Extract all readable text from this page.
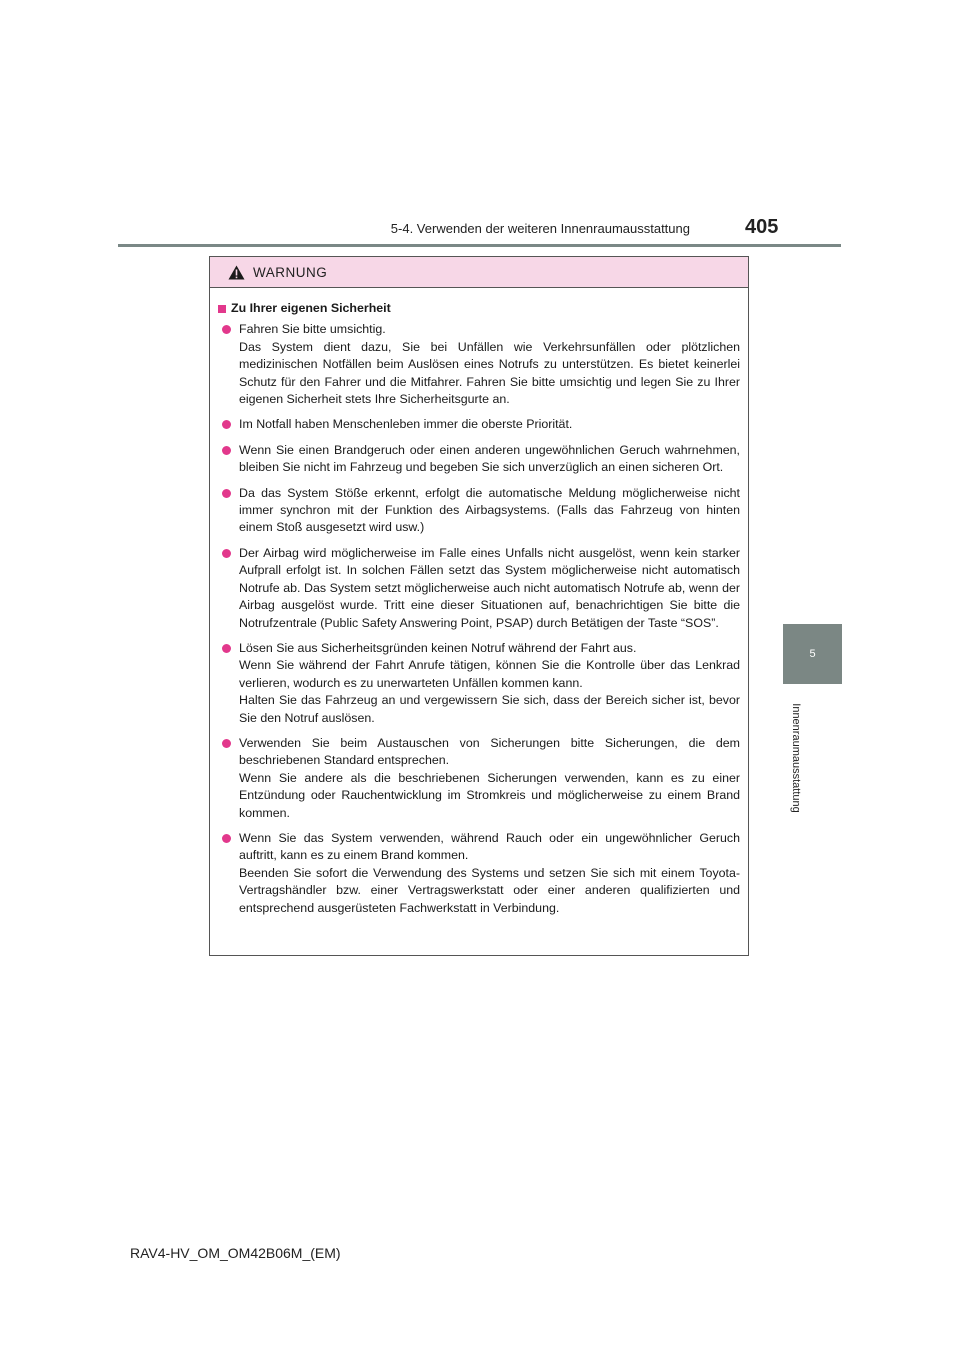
5-4. Verwenden der weiteren Innenraumausstattung	405
5
Innenraumausstattung
WARNUNG
Zu Ihrer eigenen Sicherheit
Fahren Sie bitte umsichtig.
Das System dient dazu, Sie bei Unfällen wie Verkehrsunfällen oder plötzlichen medizinischen Notfällen beim Auslösen eines Notrufs zu unterstützen. Es bietet keinerlei Schutz für den Fahrer und die Mitfahrer. Fahren Sie bitte umsichtig und legen Sie zu Ihrer eigenen Sicherheit stets Ihre Sicherheitsgurte an.
Im Notfall haben Menschenleben immer die oberste Priorität.
Wenn Sie einen Brandgeruch oder einen anderen ungewöhnlichen Geruch wahrnehmen, bleiben Sie nicht im Fahrzeug und begeben Sie sich unverzüglich an einen sicheren Ort.
Da das System Stöße erkennt, erfolgt die automatische Meldung möglicherweise nicht immer synchron mit der Funktion des Airbagsystems. (Falls das Fahrzeug von hinten einem Stoß ausgesetzt wird usw.)
Der Airbag wird möglicherweise im Falle eines Unfalls nicht ausgelöst, wenn kein starker Aufprall erfolgt ist. In solchen Fällen setzt das System möglicherweise nicht automatisch Notrufe ab. Das System setzt möglicherweise auch nicht automatisch Notrufe ab, wenn der Airbag ausgelöst wurde. Tritt eine dieser Situationen auf, benachrichtigen Sie bitte die Notrufzentrale (Public Safety Answering Point, PSAP) durch Betätigen der Taste “SOS”.
Lösen Sie aus Sicherheitsgründen keinen Notruf während der Fahrt aus.
Wenn Sie während der Fahrt Anrufe tätigen, können Sie die Kontrolle über das Lenkrad verlieren, wodurch es zu unerwarteten Unfällen kommen kann.
Halten Sie das Fahrzeug an und vergewissern Sie sich, dass der Bereich sicher ist, bevor Sie den Notruf auslösen.
Verwenden Sie beim Austauschen von Sicherungen bitte Sicherungen, die dem beschriebenen Standard entsprechen.
Wenn Sie andere als die beschriebenen Sicherungen verwenden, kann es zu einer Entzündung oder Rauchentwicklung im Stromkreis und möglicherweise zu einem Brand kommen.
Wenn Sie das System verwenden, während Rauch oder ein ungewöhnlicher Geruch auftritt, kann es zu einem Brand kommen.
Beenden Sie sofort die Verwendung des Systems und setzen Sie sich mit einem Toyota-Vertragshändler bzw. einer Vertragswerkstatt oder einer anderen qualifizierten und entsprechend ausgerüsteten Fachwerkstatt in Verbindung.
RAV4-HV_OM_OM42B06M_(EM)
